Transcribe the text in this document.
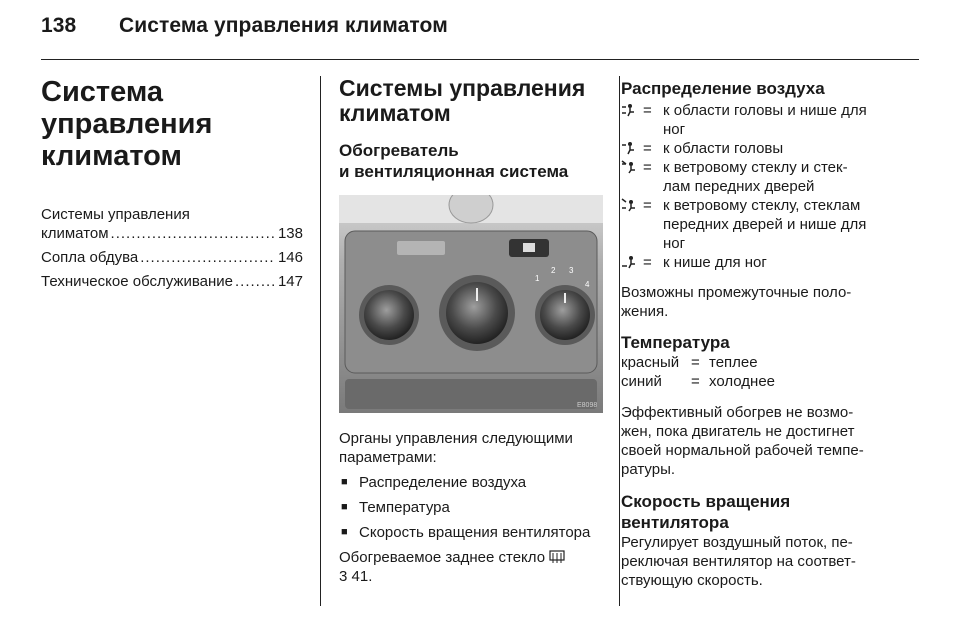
138 Система управления климатом
Система
управления
климатом
Системы управления
климатом .....	138
Сопла обдува .....	146
Техническое обслуживание .....	147
Системы управления
климатом
Обогреватель
и вентиляционная система
1
2 3
4
E8098
Органы управления следующими
параметрами:
■ Распределение воздуха
■ Температура
■ Скорость вращения вентилятора
Обогреваемое заднее стекло
3 41.
Распределение воздуха
= к области головы и нише для
ног
= к области головы
= к ветровому стеклу и стек-
лам передних дверей
= к ветровому стеклу, стеклам
передних дверей и нише для
ног
= к нише для ног
Возможны промежуточные поло-
жения.
Температура
красный = теплее
синий	= холоднее
Эффективный обогрев не возмо-
жен, пока двигатель не достигнет
своей нормальной рабочей темпе-
ратуры.
Скорость вращения
вентилятора
Регулирует воздушный поток, пе-
реключая вентилятор на соответ-
ствующую скорость.
